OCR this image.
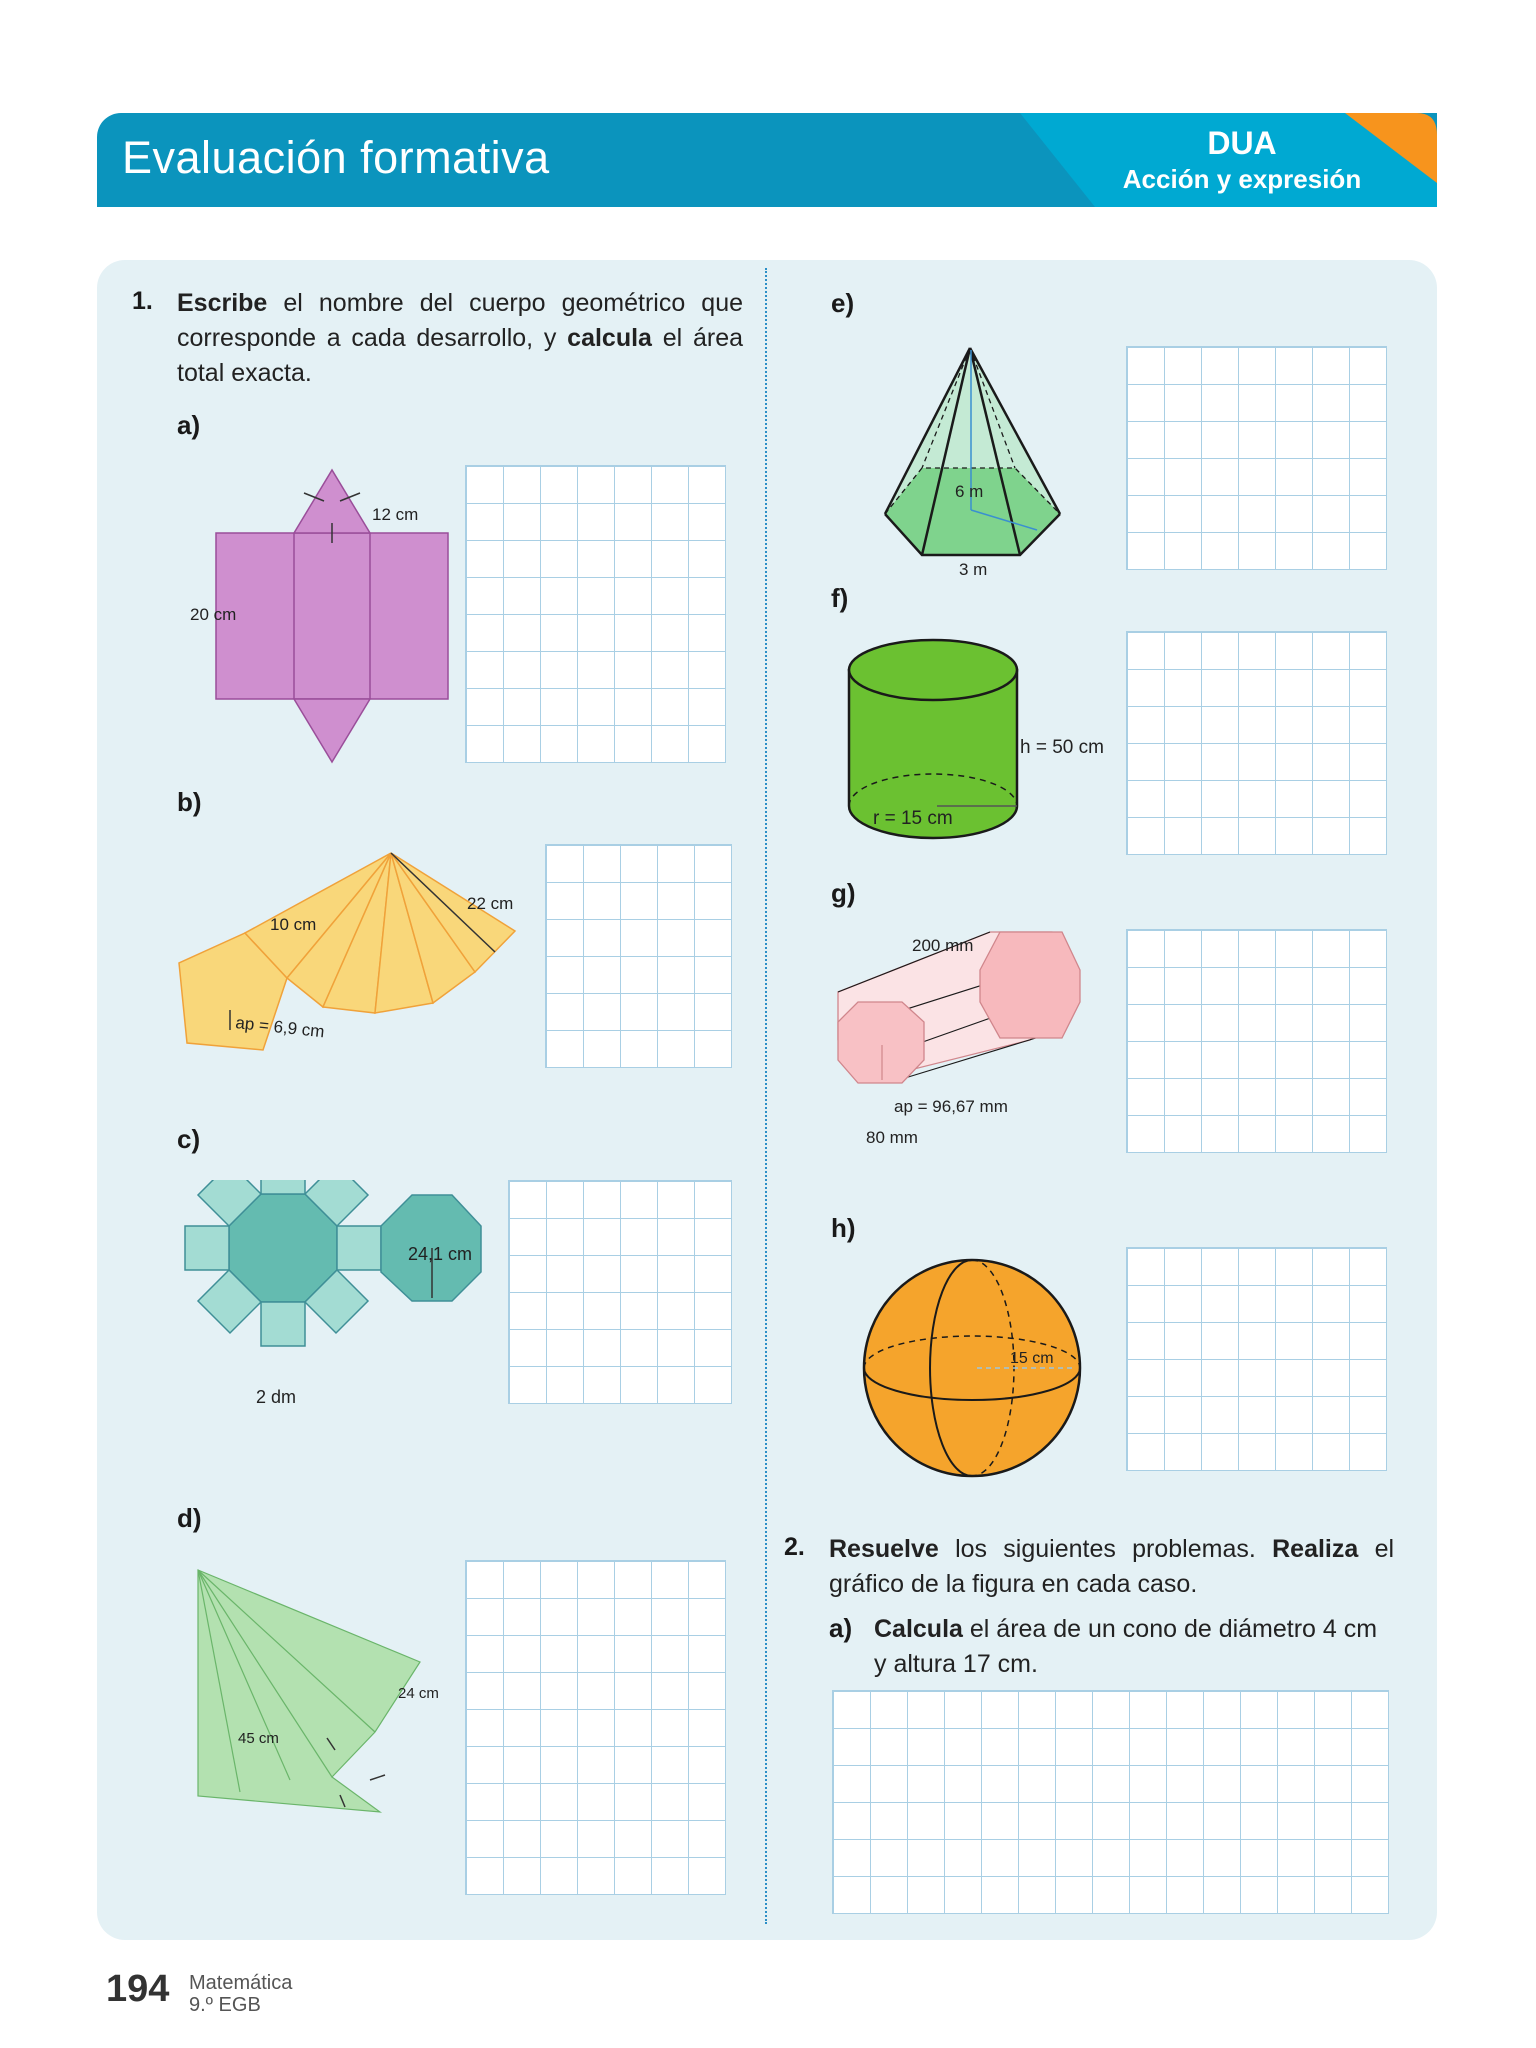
Evaluación formativa	DUA
Acción y expresión
1. Escribe el nombre del cuerpo geométrico que corresponde a cada desarrollo, y calcula el área total exacta.
a)
b)
c)
d)
e)
f)
g)
h)
12 cm
20 cm
22 cm
10 cm
ap = 6,9 cm
24,1 cm
2 dm
24 cm
45 cm
6 m
3 m
h = 50 cm
r = 15 cm
200 mm
ap = 96,67 mm
80 mm
15 cm
2. Resuelve los siguientes problemas. Realiza el gráfico de la figura en cada caso.
a) Calcula el área de un cono de diámetro 4 cm y altura 17 cm.
194 Matemática
9.º EGB
